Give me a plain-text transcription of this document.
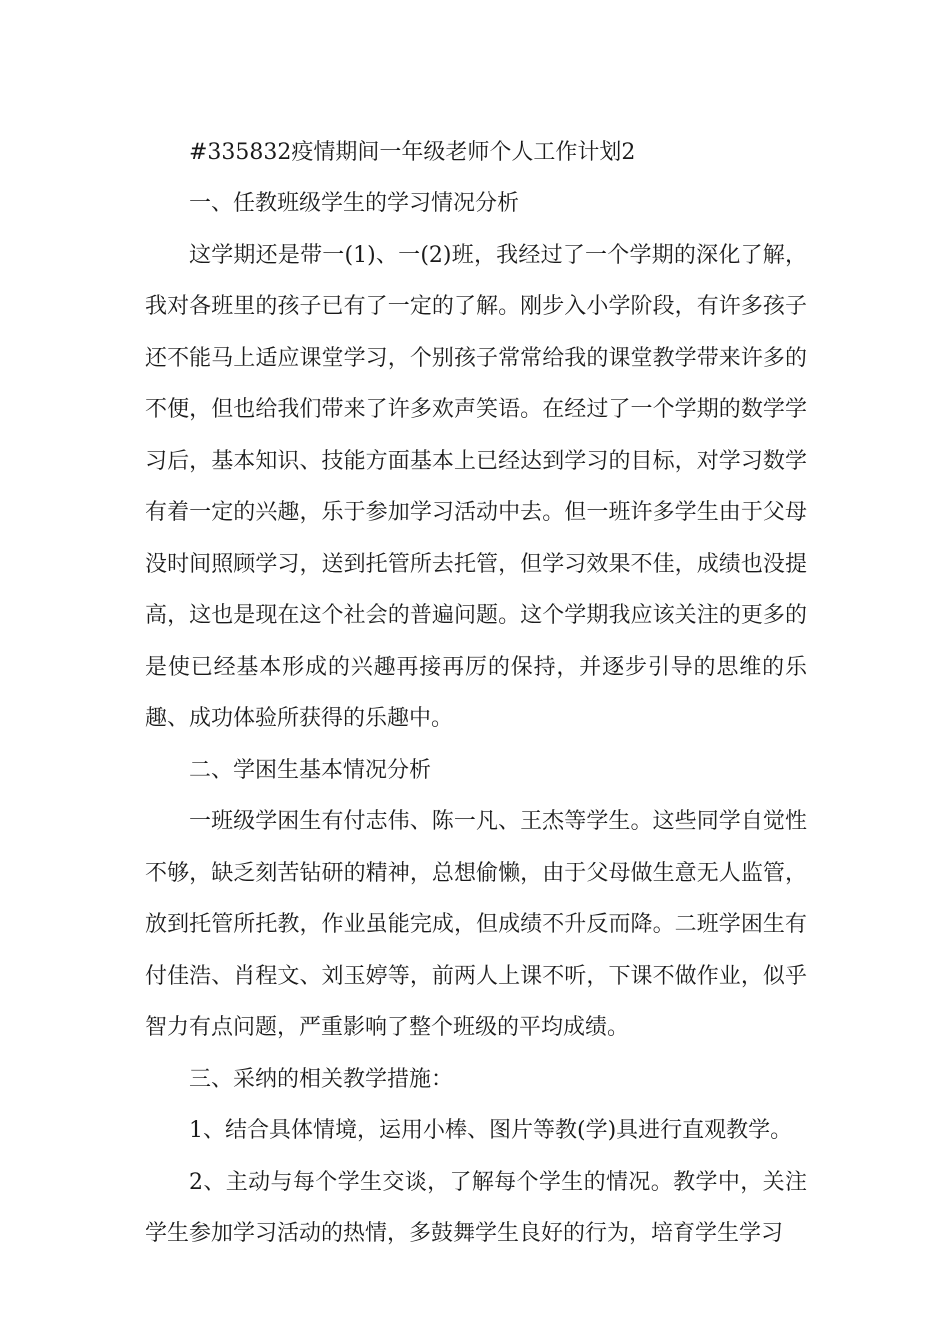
#335832疫情期间一年级老师个人工作计划2

一、任教班级学生的学习情况分析

这学期还是带一(1)、一(2)班，我经过了一个学期的深化了解，我对各班里的孩子已有了一定的了解。刚步入小学阶段，有许多孩子还不能马上适应课堂学习，个别孩子常常给我的课堂教学带来许多的不便，但也给我们带来了许多欢声笑语。在经过了一个学期的数学学习后，基本知识、技能方面基本上已经达到学习的目标，对学习数学有着一定的兴趣，乐于参加学习活动中去。但一班许多学生由于父母没时间照顾学习，送到托管所去托管，但学习效果不佳，成绩也没提高，这也是现在这个社会的普遍问题。这个学期我应该关注的更多的是使已经基本形成的兴趣再接再厉的保持，并逐步引导的思维的乐趣、成功体验所获得的乐趣中。

二、学困生基本情况分析

一班级学困生有付志伟、陈一凡、王杰等学生。这些同学自觉性不够，缺乏刻苦钻研的精神，总想偷懒，由于父母做生意无人监管，放到托管所托教，作业虽能完成，但成绩不升反而降。二班学困生有付佳浩、肖程文、刘玉婷等，前两人上课不听，下课不做作业，似乎智力有点问题，严重影响了整个班级的平均成绩。

三、采纳的相关教学措施：

1、结合具体情境，运用小棒、图片等教(学)具进行直观教学。

2、主动与每个学生交谈，了解每个学生的情况。教学中，关注学生参加学习活动的热情，多鼓舞学生良好的行为，培育学生学习
